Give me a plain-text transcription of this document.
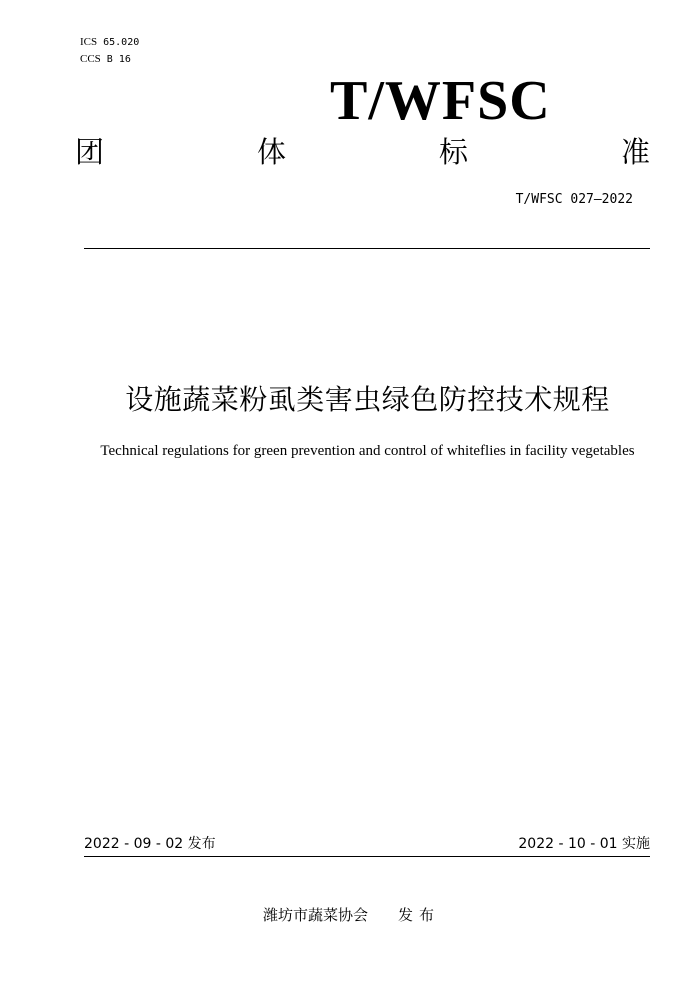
ICS 65.020
CCS B 16
T/WFSC
团	体	标	准
T/WFSC 027—2022
设施蔬菜粉虱类害虫绿色防控技术规程
Technical regulations for green prevention and control of whiteflies in facility vegetables
2022 - 09 - 02 发布	2022 - 10 - 01 实施
潍坊市蔬菜协会 发布
